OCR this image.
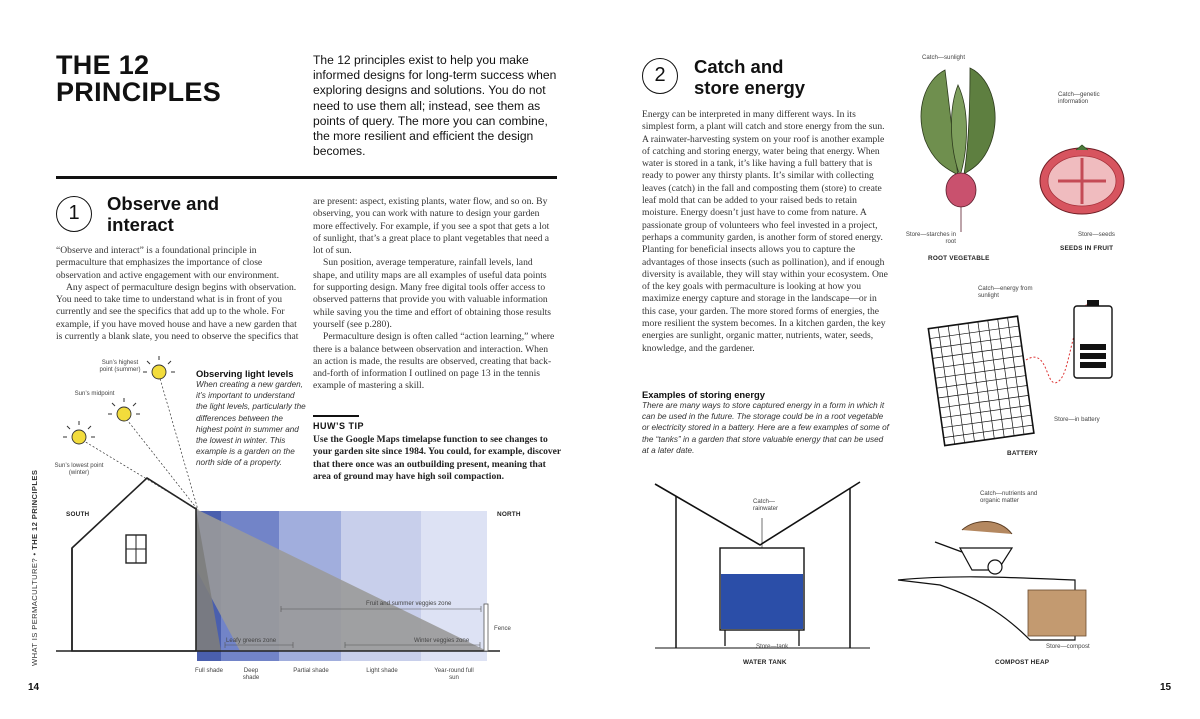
THE 12 PRINCIPLES
The 12 principles exist to help you make informed designs for long-term success when exploring designs and solutions. You do not need to use them all; instead, see them as points of query. The more you can combine, the more resilient and efficient the design becomes.
1	Observe and interact

“Observe and interact” is a foundational principle in permaculture that emphasizes the importance of close observation and active engagement with our environment.

Any aspect of permaculture design begins with observation. You need to take time to understand what is in front of you currently and see the specifics that add up to the whole. For example, if you have moved house and have a new garden that is currently a blank slate, you need to observe the specifics that

are present: aspect, existing plants, water flow, and so on. By observing, you can work with nature to design your garden more effectively. For example, if you see a spot that gets a lot of sunlight, that’s a great place to plant vegetables that need a lot of sun.

Sun position, average temperature, rainfall levels, land shape, and utility maps are all examples of useful data points for supporting design. Many free digital tools offer access to observed patterns that provide you with valuable information while saving you the time and effort of obtaining those results yourself (see p.280).

Permaculture design is often called “action learning,” where there is a balance between observation and interaction. When an action is made, the results are observed, creating that back-and-forth of information I outlined on page 13 in the tennis example of mastering a skill.

HUW’S TIP
Use the Google Maps timelapse function to see changes to your garden site since 1984. You could, for example, discover that there once was an outbuilding present, meaning that area of ground may have high soil compaction.
Sun’s highest point (summer)
Sun’s midpoint
Sun’s lowest point (winter)
Observing light levels
When creating a new garden, it’s important to understand the light levels, particularly the differences between the highest point in summer and the lowest in winter. This example is a garden on the north side of a property.
SOUTH	NORTH
Fence
Fruit and summer veggies zone
Leafy greens zone	Winter veggies zone
Full shade	Deep shade
Partial shade	Light shade	Year-round full sun
WHAT IS PERMACULTURE? • THE 12 PRINCIPLES
14
2	Catch and store energy
Energy can be interpreted in many different ways. In its simplest form, a plant will catch and store energy from the sun. A rainwater-harvesting system on your roof is another example of catching and storing energy, water being that energy. When water is stored in a tank, it’s like having a full battery that is ready to power any thirsty plants. It’s similar with collecting leaves (catch) in the fall and composting them (store) to create leaf mold that can be added to your raised beds to retain moisture. Energy doesn’t just have to come from nature. A passionate group of volunteers who feel invested in a project, perhaps a community garden, is another form of stored energy. Planting for beneficial insects allows you to capture the advantages of those insects (such as pollination), and if enough diversity is available, they will stay within your ecosystem. One of the key goals with permaculture is looking at how you maximize energy capture and storage in the landscape—or in this case, your garden. The more stored forms of energies, the more resilient the system becomes. In a kitchen garden, the key energies are sunlight, organic matter, nutrients, water, seeds, knowledge, and the gardener.
Examples of storing energy
There are many ways to store captured energy in a form in which it can be used in the future. The storage could be in a root vegetable or electricity stored in a battery. Here are a few examples of some of the “tanks” in a garden that store valuable energy that can be used at a later date.
Catch—sunlight
Store—starches in root
ROOT VEGETABLE
Catch—genetic information
Store—seeds
SEEDS IN FRUIT
Catch—energy from sunlight
Store—in battery
BATTERY
Catch— rainwater
Store—tank
WATER TANK
Catch—nutrients and organic matter
Store—compost
COMPOST HEAP
15
